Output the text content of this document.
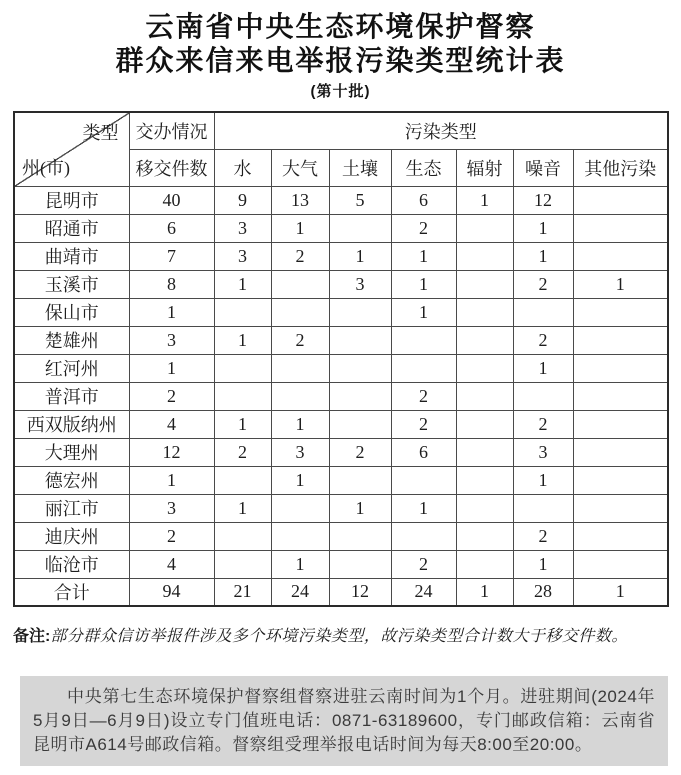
云南省中央生态环境保护督察
群众来信来电举报污染类型统计表
(第十批)
类型
州(市)	交办情况	污染类型						
	移交件数	水	大气	土壤	生态	辐射	噪音	其他污染
昆明市	40	9	13	5	6	1	12	
昭通市	6	3	1		2		1	
曲靖市	7	3	2	1	1		1	
玉溪市	8	1		3	1		2	1
保山市	1				1			
楚雄州	3	1	2				2	
红河州	1						1	
普洱市	2				2			
西双版纳州	4	1	1		2		2	
大理州	12	2	3	2	6		3	
德宏州	1		1				1	
丽江市	3	1		1	1			
迪庆州	2						2	
临沧市	4		1		2		1	
合计	94	21	24	12	24	1	28	1
备注:部分群众信访举报件涉及多个环境污染类型，故污染类型合计数大于移交件数。
中央第七生态环境保护督察组督察进驻云南时间为1个月。进驻期间(2024年5月9日—6月9日)设立专门值班电话：0871-63189600，专门邮政信箱：云南省昆明市A614号邮政信箱。督察组受理举报电话时间为每天8:00至20:00。
